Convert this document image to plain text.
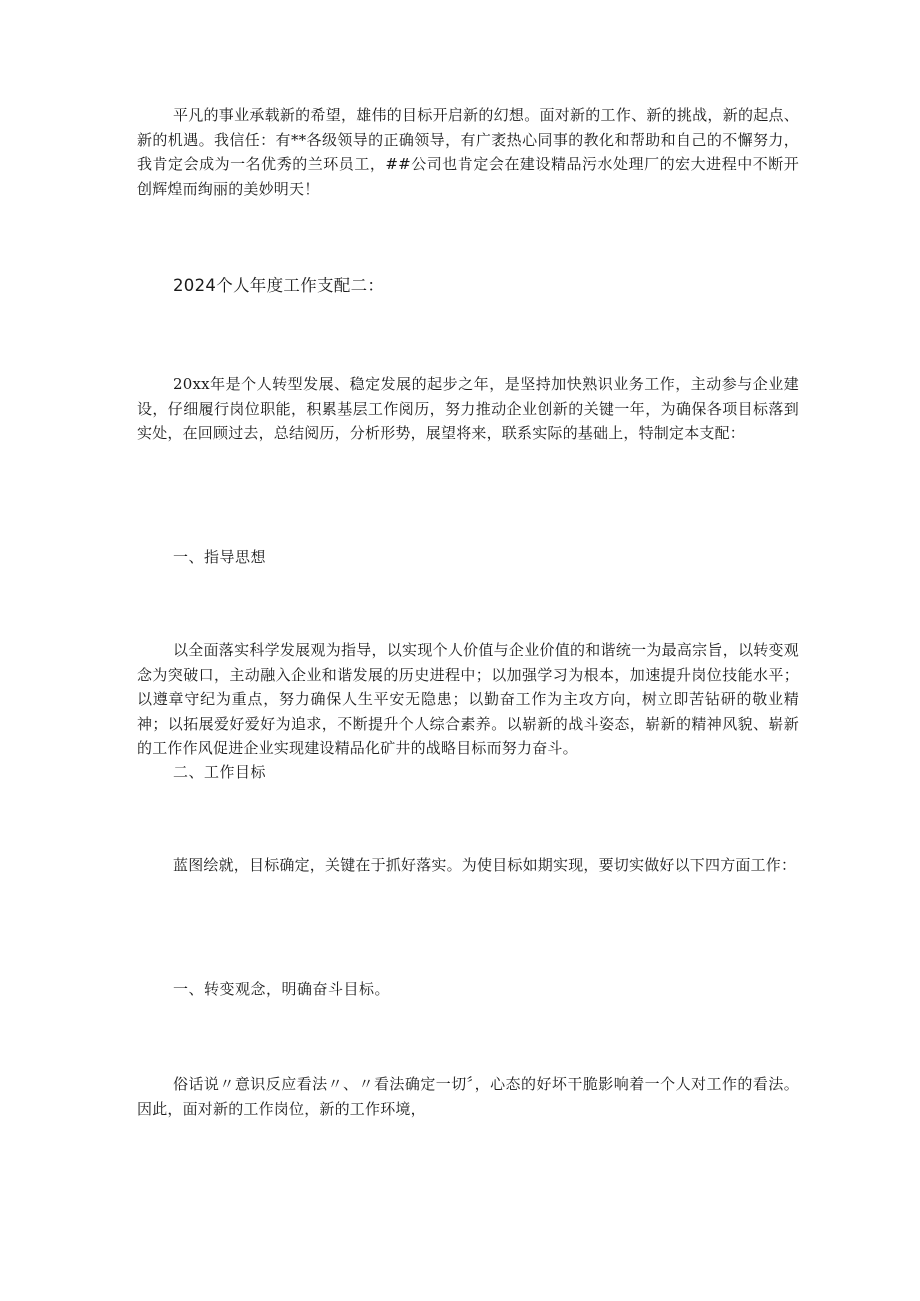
平凡的事业承载新的希望，雄伟的目标开启新的幻想。面对新的工作、新的挑战，新的起点、新的机遇。我信任：有**各级领导的正确领导，有广袤热心同事的教化和帮助和自己的不懈努力，我肯定会成为一名优秀的兰环员工，##公司也肯定会在建设精品污水处理厂的宏大进程中不断开创辉煌而绚丽的美妙明天！

2024个人年度工作支配二：

20xx年是个人转型发展、稳定发展的起步之年，是坚持加快熟识业务工作，主动参与企业建设，仔细履行岗位职能，积累基层工作阅历，努力推动企业创新的关键一年，为确保各项目标落到实处，在回顾过去，总结阅历，分析形势，展望将来，联系实际的基础上，特制定本支配：

一、指导思想

以全面落实科学发展观为指导，以实现个人价值与企业价值的和谐统一为最高宗旨，以转变观念为突破口，主动融入企业和谐发展的历史进程中；以加强学习为根本，加速提升岗位技能水平；以遵章守纪为重点，努力确保人生平安无隐患；以勤奋工作为主攻方向，树立即苦钻研的敬业精神；以拓展爱好爱好为追求，不断提升个人综合素养。以崭新的战斗姿态，崭新的精神风貌、崭新的工作作风促进企业实现建设精品化矿井的战略目标而努力奋斗。

二、工作目标

蓝图绘就，目标确定，关键在于抓好落实。为使目标如期实现，要切实做好以下四方面工作：

一、转变观念，明确奋斗目标。

俗话说〃意识反应看法〃、〃看法确定一切〞，心态的好坏干脆影响着一个人对工作的看法。因此，面对新的工作岗位，新的工作环境，
